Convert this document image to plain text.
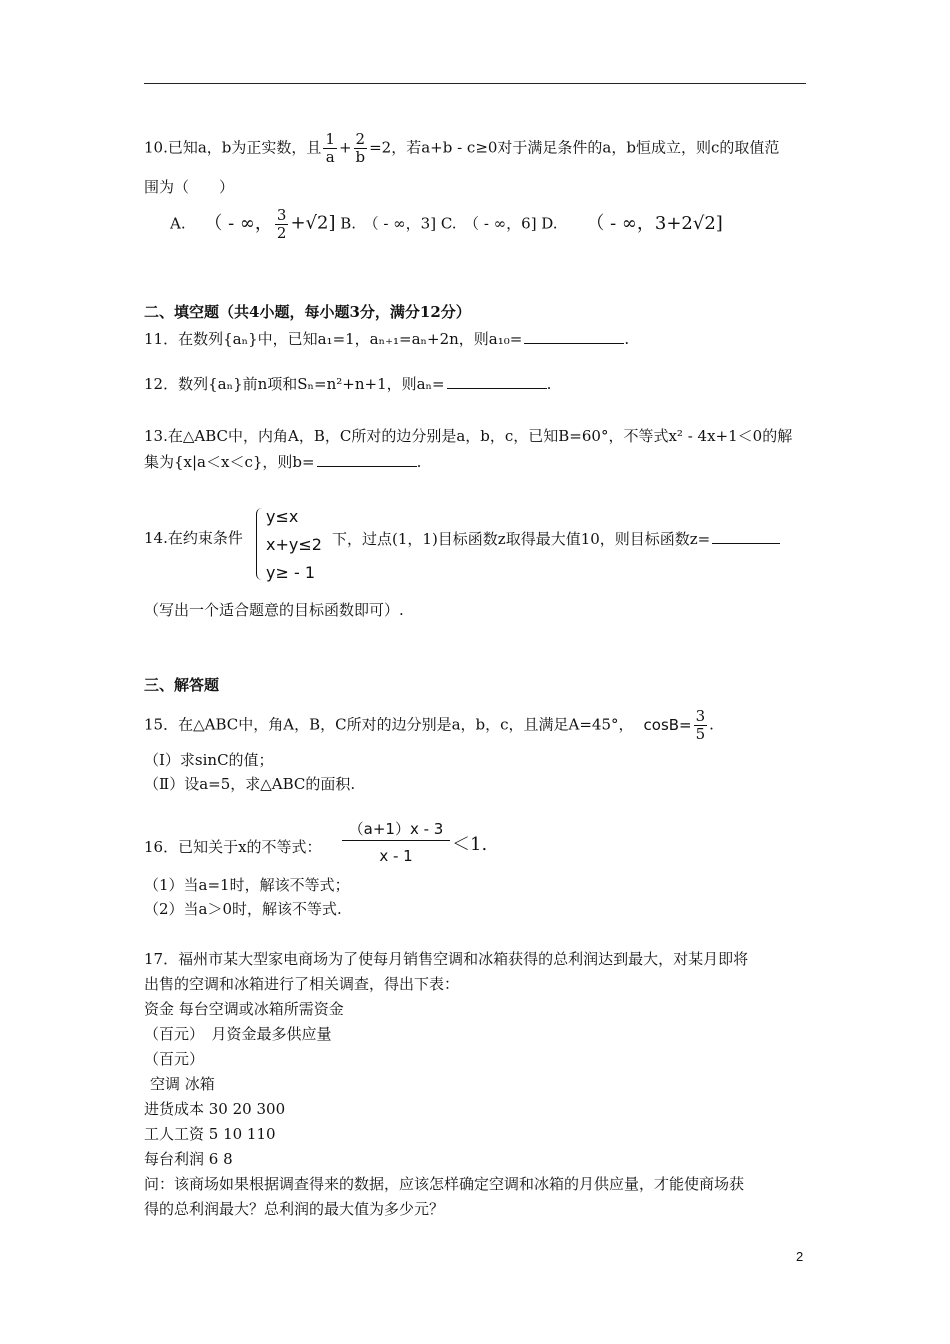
10.已知a，b为正实数，且 $\frac{1}{a} + \frac{2}{b} =2$，若a+b - c≥0对于满足条件的a，b恒成立，则c的取值范
围为（　　）
A. （ - ∞， $\frac{3}{2} +√2$] B.　（ - ∞，3] C.　（ - ∞，6] D. （ - ∞，3+2√2]
二、填空题（共4小题，每小题3分，满分12分）
11．在数列{aₙ}中，已知a₁=1，aₙ₊₁=aₙ+2n，则a₁₀=	.
12．数列{aₙ}前n项和Sₙ=n²+n+1，则aₙ=	.
13.在△ABC中，内角A，B，C所对的边分别是a，b，c，已知B=60°，不等式x² - 4x+1＜0的解
集为{x|a＜x＜c}，则b=	.
14.在约束条件
y≤x
x+y≤2
y≥ - 1
下，过点(1，1)目标函数z取得最大值10，则目标函数z=
（写出一个适合题意的目标函数即可）.
三、解答题
15．在△ABC中，角A，B，C所对的边分别是a，b，c，且满足A=45°， $\cos B= \frac{3}{5}$ .
（Ⅰ）求sinC的值；
（Ⅱ）设a=5，求△ABC的面积.
16．已知关于x的不等式：
（a+1）x - 3
x - 1
＜1.
（1）当a=1时，解该不等式；
（2）当a＞0时，解该不等式.
17．福州市某大型家电商场为了使每月销售空调和冰箱获得的总利润达到最大，对某月即将
出售的空调和冰箱进行了相关调查，得出下表：
资金 每台空调或冰箱所需资金
（百元）　月资金最多供应量
（百元）
空调 冰箱
进货成本 30 20 300
工人工资 5 10 110
每台利润 6 8
问：该商场如果根据调查得来的数据，应该怎样确定空调和冰箱的月供应量，才能使商场获
得的总利润最大？总利润的最大值为多少元？
2
